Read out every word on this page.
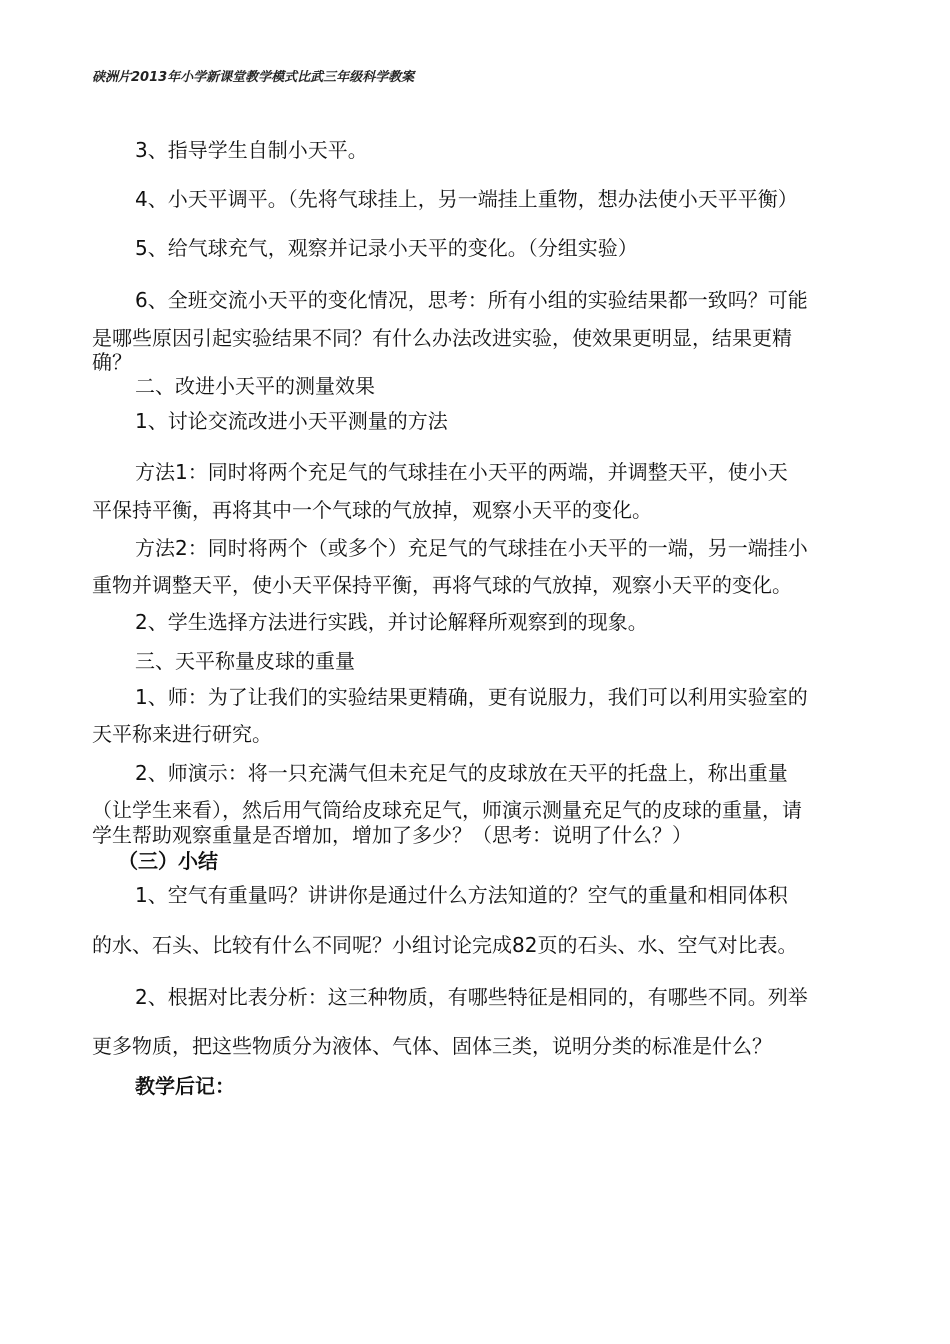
硖洲片2013年小学新课堂教学模式比武三年级科学教案

3、指导学生自制小天平。

4、小天平调平。（先将气球挂上，另一端挂上重物，想办法使小天平平衡）

5、给气球充气，观察并记录小天平的变化。（分组实验）

6、全班交流小天平的变化情况，思考：所有小组的实验结果都一致吗？可能

是哪些原因引起实验结果不同？有什么办法改进实验，使效果更明显，结果更精

确？

二、改进小天平的测量效果

1、讨论交流改进小天平测量的方法

方法1：同时将两个充足气的气球挂在小天平的两端，并调整天平，使小天

平保持平衡，再将其中一个气球的气放掉，观察小天平的变化。

方法2：同时将两个（或多个）充足气的气球挂在小天平的一端，另一端挂小

重物并调整天平，使小天平保持平衡，再将气球的气放掉，观察小天平的变化。

2、学生选择方法进行实践，并讨论解释所观察到的现象。

三、天平称量皮球的重量

1、师：为了让我们的实验结果更精确，更有说服力，我们可以利用实验室的

天平称来进行研究。

2、师演示：将一只充满气但未充足气的皮球放在天平的托盘上，称出重量

（让学生来看），然后用气筒给皮球充足气，师演示测量充足气的皮球的重量，请

学生帮助观察重量是否增加，增加了多少？（思考：说明了什么？）

（三）小结

1、空气有重量吗？讲讲你是通过什么方法知道的？空气的重量和相同体积

的水、石头、比较有什么不同呢？小组讨论完成82页的石头、水、空气对比表。

2、根据对比表分析：这三种物质，有哪些特征是相同的，有哪些不同。列举

更多物质，把这些物质分为液体、气体、固体三类，说明分类的标准是什么？

教学后记：
